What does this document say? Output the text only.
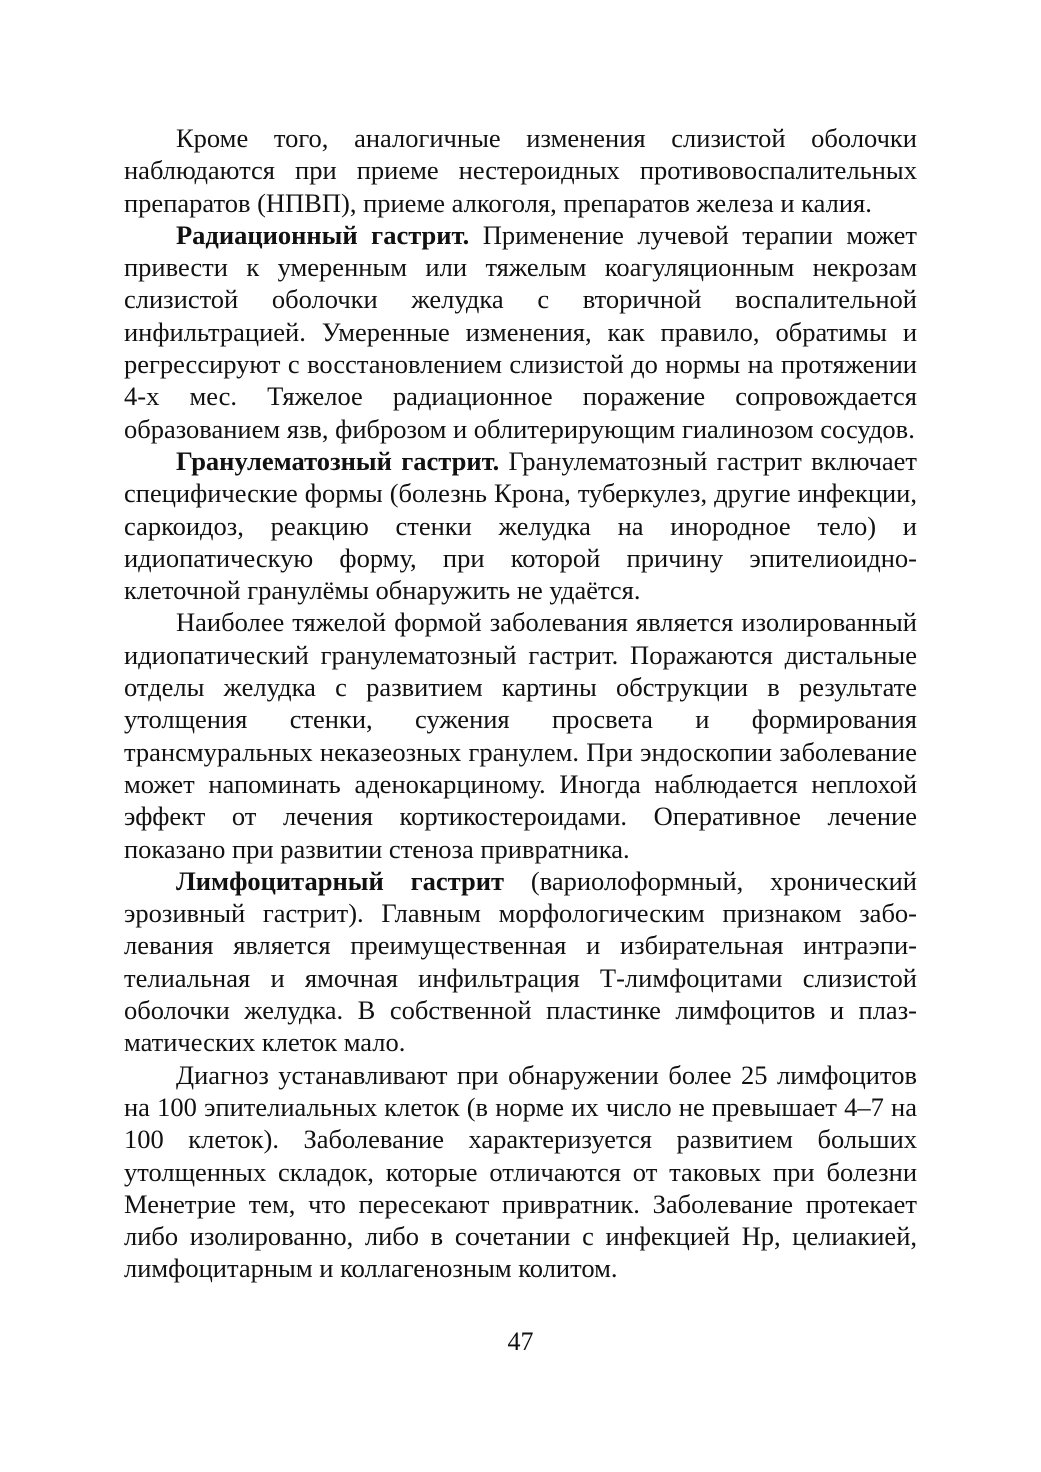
Кроме того, аналогичные изменения слизистой оболочки наблюдаются при приеме нестероидных противовоспалительных препаратов (НПВП), приеме алкоголя, препаратов железа и калия.

Радиационный гастрит. Применение лучевой терапии может привести к умеренным или тяжелым коагуляционным некрозам слизистой оболочки желудка с вторичной воспалительной инфильтрацией. Умеренные изменения, как правило, обратимы и регрессируют с восстановлением слизистой до нормы на протяжении 4-х мес. Тяжелое радиационное поражение сопровождается образованием язв, фиброзом и облитерирующим гиалинозом сосудов.

Гранулематозный гастрит. Гранулематозный гастрит включает специфические формы (болезнь Крона, туберкулез, другие инфекции, саркоидоз, реакцию стенки желудка на инородное тело) и идиопатическую форму, при которой причину эпителиоидно-клеточной гранулёмы обнаружить не удаётся.

Наиболее тяжелой формой заболевания является изолированный идиопатический гранулематозный гастрит. Поражаются дистальные отделы желудка с развитием картины обструкции в результате утолщения стенки, сужения просвета и формирования трансмуральных неказеозных гранулем. При эндоскопии заболевание может напоминать аденокарциному. Иногда наблюдается неплохой эффект от лечения кортикостероидами. Оперативное лечение показано при развитии стеноза привратника.

Лимфоцитарный гастрит (вариолоформный, хронический эрозивный гастрит). Главным морфологическим признаком заболевания является преимущественная и избирательная интраэпителиальная и ямочная инфильтрация Т-лимфоцитами слизистой оболочки желудка. В собственной пластинке лимфоцитов и плазматических клеток мало.

Диагноз устанавливают при обнаружении более 25 лимфоцитов на 100 эпителиальных клеток (в норме их число не превышает 4–7 на 100 клеток). Заболевание характеризуется развитием больших утолщенных складок, которые отличаются от таковых при болезни Менетрие тем, что пересекают привратник. Заболевание протекает либо изолированно, либо в сочетании с инфекцией Нр, целиакией, лимфоцитарным и коллагенозным колитом.

47
